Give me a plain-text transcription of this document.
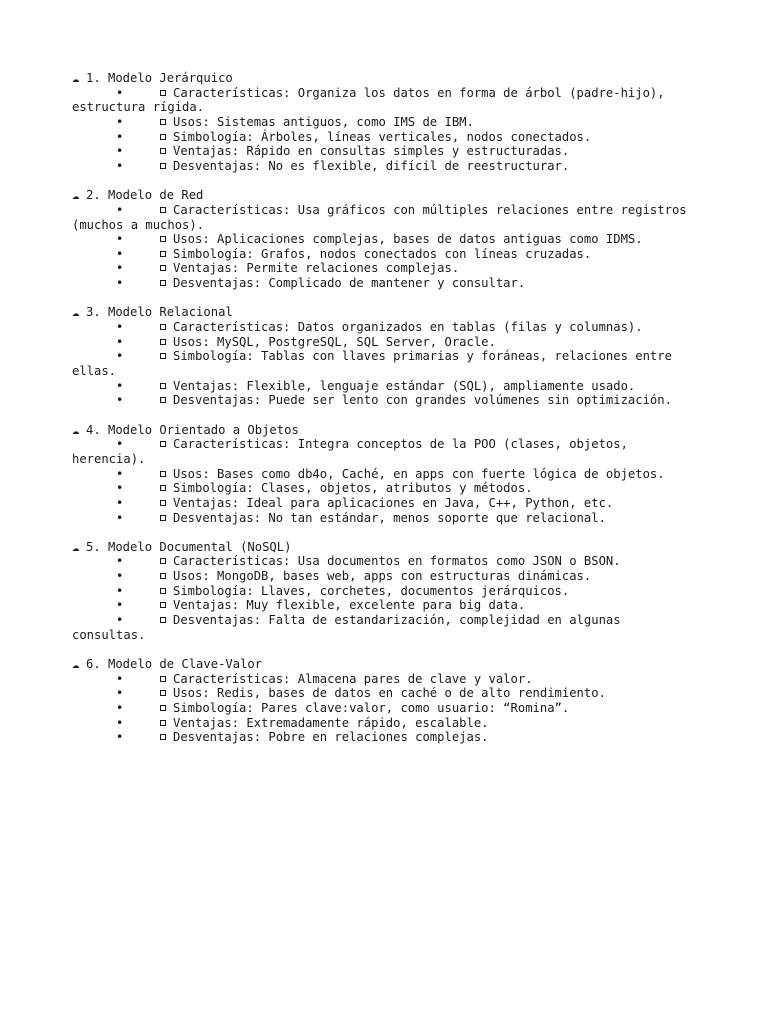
☁ 1. Modelo Jerárquico
•	Características: Organiza los datos en forma de árbol (padre-hijo), estructura rígida.
•	Usos: Sistemas antiguos, como IMS de IBM.
•	Simbología: Árboles, líneas verticales, nodos conectados.
•	Ventajas: Rápido en consultas simples y estructuradas.
•	Desventajas: No es flexible, difícil de reestructurar.
☁ 2. Modelo de Red
•	Características: Usa gráficos con múltiples relaciones entre registros (muchos a muchos).
•	Usos: Aplicaciones complejas, bases de datos antiguas como IDMS.
•	Simbología: Grafos, nodos conectados con líneas cruzadas.
•	Ventajas: Permite relaciones complejas.
•	Desventajas: Complicado de mantener y consultar.
☁ 3. Modelo Relacional
•	Características: Datos organizados en tablas (filas y columnas).
•	Usos: MySQL, PostgreSQL, SQL Server, Oracle.
•	Simbología: Tablas con llaves primarias y foráneas, relaciones entre ellas.
•	Ventajas: Flexible, lenguaje estándar (SQL), ampliamente usado.
•	Desventajas: Puede ser lento con grandes volúmenes sin optimización.
☁ 4. Modelo Orientado a Objetos
•	Características: Integra conceptos de la POO (clases, objetos, herencia).
•	Usos: Bases como db4o, Caché, en apps con fuerte lógica de objetos.
•	Simbología: Clases, objetos, atributos y métodos.
•	Ventajas: Ideal para aplicaciones en Java, C++, Python, etc.
•	Desventajas: No tan estándar, menos soporte que relacional.
☁ 5. Modelo Documental (NoSQL)
•	Características: Usa documentos en formatos como JSON o BSON.
•	Usos: MongoDB, bases web, apps con estructuras dinámicas.
•	Simbología: Llaves, corchetes, documentos jerárquicos.
•	Ventajas: Muy flexible, excelente para big data.
•	Desventajas: Falta de estandarización, complejidad en algunas consultas.
☁ 6. Modelo de Clave-Valor
•	Características: Almacena pares de clave y valor.
•	Usos: Redis, bases de datos en caché o de alto rendimiento.
•	Simbología: Pares clave:valor, como usuario: “Romina”.
•	Ventajas: Extremadamente rápido, escalable.
•	Desventajas: Pobre en relaciones complejas.
